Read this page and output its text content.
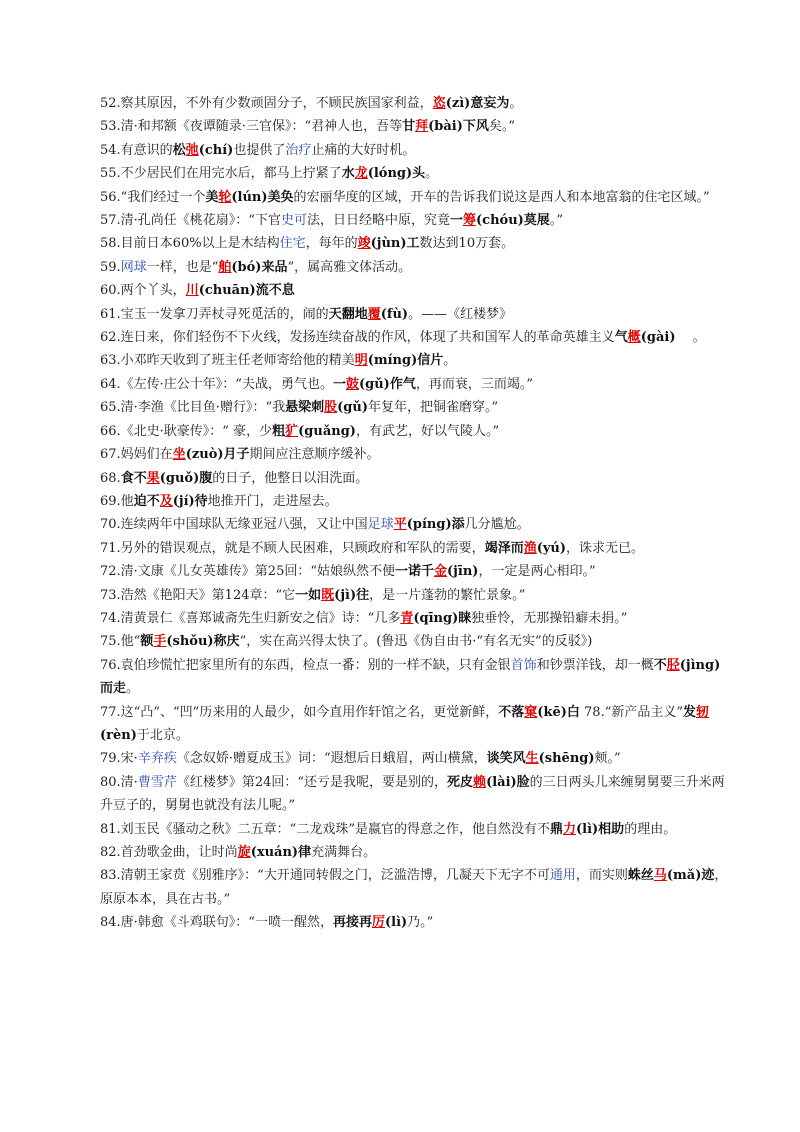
52.察其原因，不外有少数顽固分子，不顾民族国家利益，恣(zì)意妄为。
53.清·和邦额《夜谭随录·三官保》：“君神人也，吾等甘拜(bài)下风矣。”
54.有意识的松弛(chí)也提供了治疗止痛的大好时机。
55.不少居民们在用完水后，都马上拧紧了水龙(lóng)头。
56.“我们经过一个美轮(lún)美奂的宏丽华度的区域，开车的告诉我们说这是西人和本地富翁的住宅区域。”
57.清·孔尚任《桃花扇》：“下官史可法，日日经略中原，究竟一筹(chóu)莫展。”
58.目前日本60%以上是木结构住宅，每年的竣(jùn)工数达到10万套。
59.网球一样，也是“舶(bó)来品”，属高雅文体活动。
60.两个丫头，川(chuān)流不息
61.宝玉一发拿刀弄杖寻死觅活的，闹的天翻地覆(fù)。——《红楼梦》
62.连日来，你们轻伤不下火线，发扬连续奋战的作风，体现了共和国军人的革命英雄主义气概(gài)　 。
63.小邓昨天收到了班主任老师寄给他的精美明(míng)信片。
64.《左传·庄公十年》：“夫战，勇气也。一鼓(gǔ)作气，再而衰，三而竭。”
65.清·李渔《比目鱼·赠行》：“我悬梁刺股(gǔ)年复年，把铜雀磨穿。”
66.《北史·耿豪传》：“ 豪，少粗犷(guǎng)，有武艺，好以气陵人。”
67.妈妈们在坐(zuò)月子期间应注意顺序缓补。
68.食不果(guǒ)腹的日子，他整日以泪洗面。
69.他迫不及(jí)待地推开门，走进屋去。
70.连续两年中国球队无缘亚冠八强，又让中国足球平(píng)添几分尴尬。
71.另外的错误观点，就是不顾人民困难，只顾政府和军队的需要，竭泽而渔(yú)，诛求无已。
72.清·文康《儿女英雄传》第25回：“姑娘纵然不便一诺千金(jīn)，一定是两心相印。”
73.浩然《艳阳天》第124章：“它一如既(jì)往，是一片蓬勃的繁忙景象。”
74.清黄景仁《喜郑诚斋先生归新安之信》诗：“几多青(qīng)睐独垂怜，无那操铅癖未捐。”
75.他“额手(shǒu)称庆”，实在高兴得太快了。(鲁迅《伪自由书·“有名无实”的反驳》)
76.袁伯珍慌忙把家里所有的东西，检点一番：别的一样不缺，只有金银首饰和钞票洋钱，却一概不胫(jìng)而走。
77.这“凸”、“凹”历来用的人最少，如今直用作轩馆之名，更觉新鲜，不落窠(kē)白 78.“新产品主义”发轫　(rèn)于北京。
79.宋·辛弃疾《念奴娇·赠夏成玉》词：“遐想后日蛾眉，两山横黛，谈笑风生(shēng)颊。”
80.清·曹雪芹《红楼梦》第24回：“还亏是我呢，要是别的，死皮赖(lài)脸的三日两头儿来缠舅舅要三升米两升豆子的，舅舅也就没有法儿呢。”
81.刘玉民《骚动之秋》二五章：“二龙戏珠”是嬴官的得意之作，他自然没有不鼎力(lì)相助的理由。
82.首劲歌金曲，让时尚旋(xuán)律充满舞台。
83.清朝王家贲《别雅序》：“大开通同转假之门，泛滥浩博，几凝天下无字不可通用，而实则蛛丝马(mǎ)迹，原原本本，具在古书。”
84.唐·韩愈《斗鸡联句》：“一喷一醒然，再接再厉(lì)乃。”
